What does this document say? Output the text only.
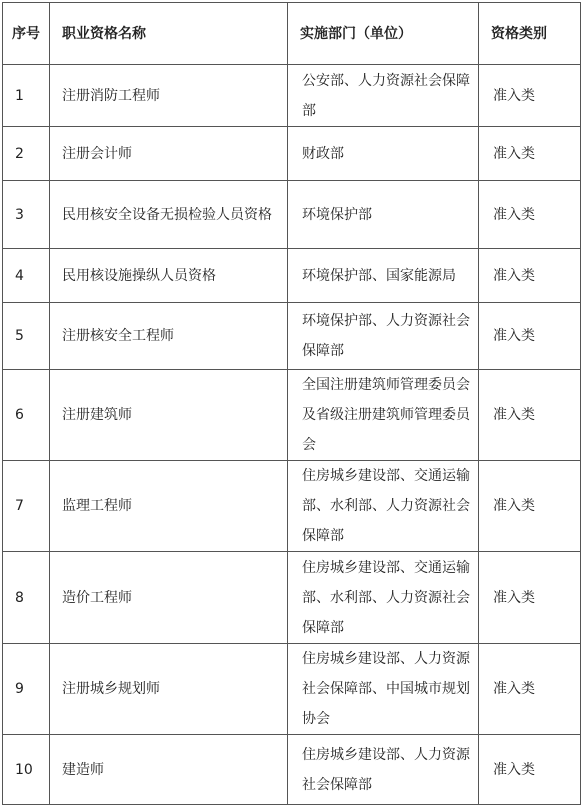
序号	职业资格名称	实施部门（单位）	资格类别
1	注册消防工程师	公安部、人力资源社会保障部	准入类
2	注册会计师	财政部	准入类
3	民用核安全设备无损检验人员资格	环境保护部	准入类
4	民用核设施操纵人员资格	环境保护部、国家能源局	准入类
5	注册核安全工程师	环境保护部、人力资源社会保障部	准入类
6	注册建筑师	全国注册建筑师管理委员会及省级注册建筑师管理委员会	准入类
7	监理工程师	住房城乡建设部、交通运输部、水利部、人力资源社会保障部	准入类
8	造价工程师	住房城乡建设部、交通运输部、水利部、人力资源社会保障部	准入类
9	注册城乡规划师	住房城乡建设部、人力资源社会保障部、中国城市规划协会	准入类
10	建造师	住房城乡建设部、人力资源社会保障部	准入类
